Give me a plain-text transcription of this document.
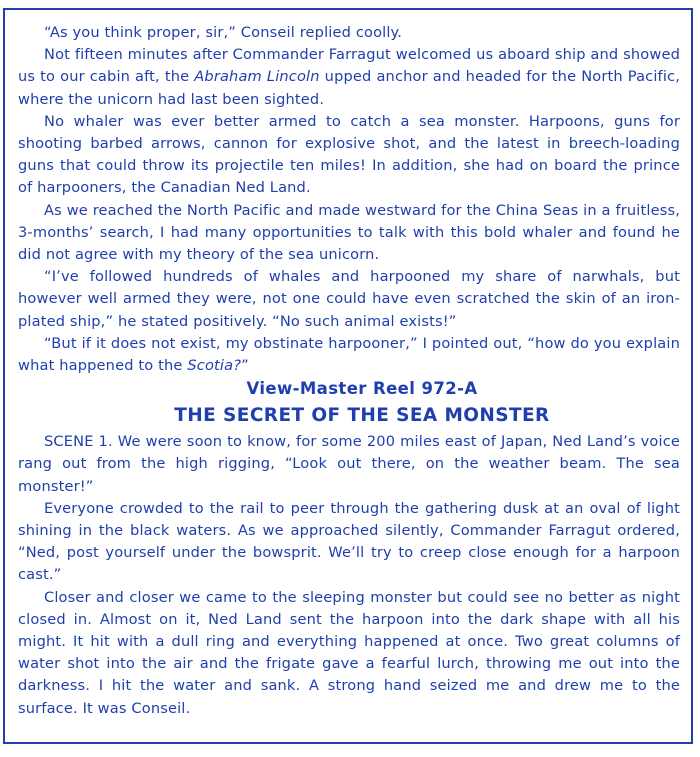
“As you think proper, sir,” Conseil replied coolly.

Not fifteen minutes after Commander Farragut welcomed us aboard ship and showed us to our cabin aft, the Abraham Lincoln upped anchor and headed for the North Pacific, where the unicorn had last been sighted.

No whaler was ever better armed to catch a sea monster. Harpoons, guns for shooting barbed arrows, cannon for explosive shot, and the latest in breech-loading guns that could throw its projectile ten miles! In addition, she had on board the prince of harpooners, the Canadian Ned Land.

As we reached the North Pacific and made westward for the China Seas in a fruitless, 3-months’ search, I had many opportunities to talk with this bold whaler and found he did not agree with my theory of the sea unicorn.

“I’ve followed hundreds of whales and harpooned my share of narwhals, but however well armed they were, not one could have even scratched the skin of an iron-plated ship,” he stated positively. “No such animal exists!”

“But if it does not exist, my obstinate harpooner,” I pointed out, “how do you explain what happened to the Scotia?”

View-Master Reel 972-A

THE SECRET OF THE SEA MONSTER

SCENE 1. We were soon to know, for some 200 miles east of Japan, Ned Land’s voice rang out from the high rigging, “Look out there, on the weather beam. The sea monster!”

Everyone crowded to the rail to peer through the gathering dusk at an oval of light shining in the black waters. As we approached silently, Commander Farragut ordered, “Ned, post yourself under the bowsprit. We’ll try to creep close enough for a harpoon cast.”

Closer and closer we came to the sleeping monster but could see no better as night closed in. Almost on it, Ned Land sent the harpoon into the dark shape with all his might. It hit with a dull ring and everything happened at once. Two great columns of water shot into the air and the frigate gave a fearful lurch, throwing me out into the darkness. I hit the water and sank. A strong hand seized me and drew me to the surface. It was Conseil.
